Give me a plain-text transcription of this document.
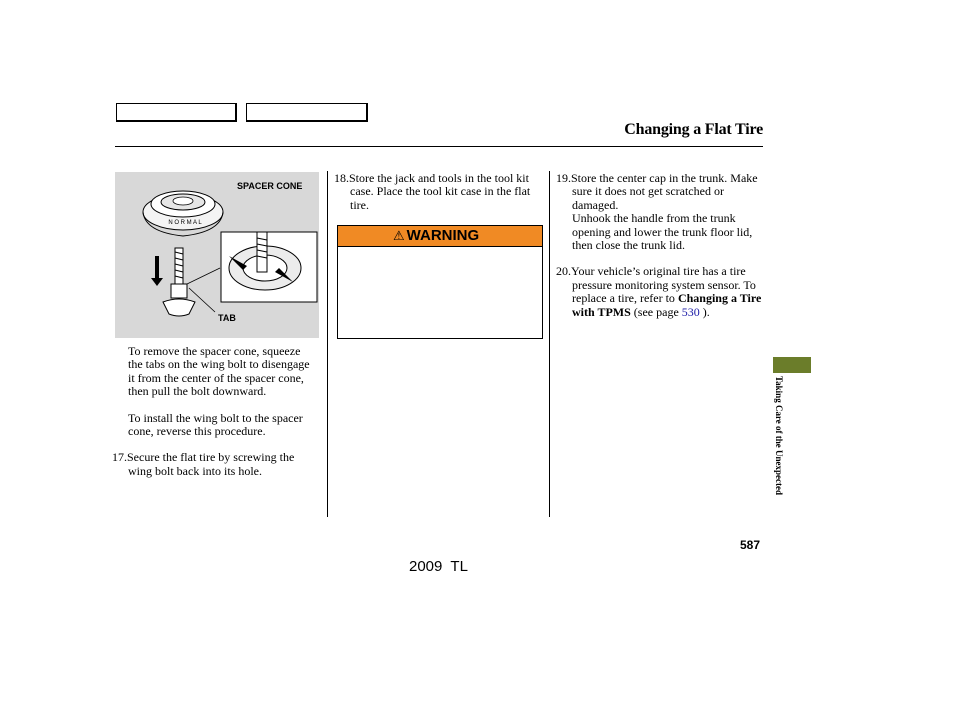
Changing a Flat Tire
N O R M A L
SPACER CONE
TAB

To remove the spacer cone, squeeze the tabs on the wing bolt to disengage it from the center of the spacer cone, then pull the bolt downward.

To install the wing bolt to the spacer cone, reverse this procedure.

17.Secure the flat tire by screwing the wing bolt back into its hole.

18.Store the jack and tools in the tool kit case. Place the tool kit case in the flat tire.

⚠ WARNING

19.Store the center cap in the trunk. Make sure it does not get scratched or damaged.

Unhook the handle from the trunk opening and lower the trunk floor lid, then close the trunk lid.

20.Your vehicle’s original tire has a tire pressure monitoring system sensor. To replace a tire, refer to Changing a Tire with TPMS (see page 530 ).

Taking Care of the Unexpected
587
2009  TL
